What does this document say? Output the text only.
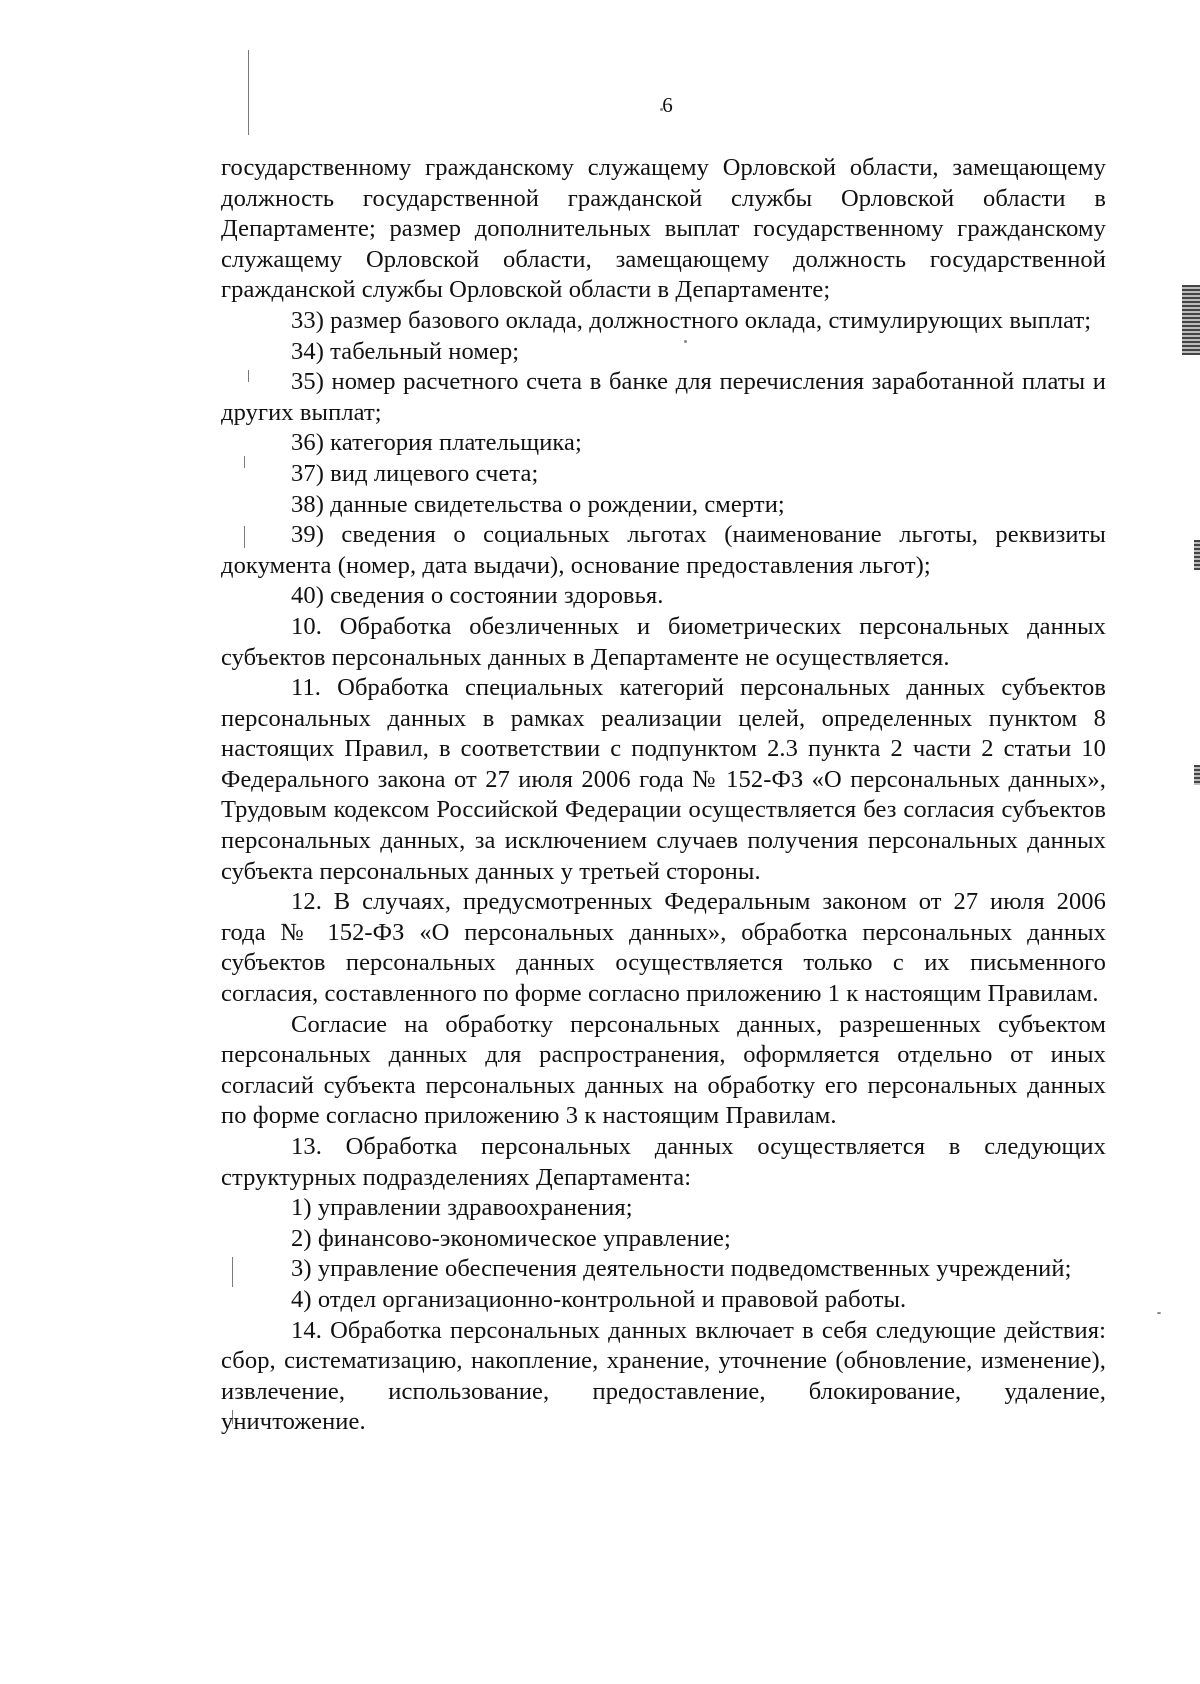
6

государственному гражданскому служащему Орловской области, замещающему должность государственной гражданской службы Орловской области в Департаменте; размер дополнительных выплат государственному гражданскому служащему Орловской области, замещающему должность государственной гражданской службы Орловской области в Департаменте;

33) размер базового оклада, должностного оклада, стимулирующих выплат;

34) табельный номер;

35) номер расчетного счета в банке для перечисления заработанной платы и других выплат;

36) категория плательщика;

37) вид лицевого счета;

38) данные свидетельства о рождении, смерти;

39) сведения о социальных льготах (наименование льготы, реквизиты документа (номер, дата выдачи), основание предоставления льгот);

40) сведения о состоянии здоровья.

10. Обработка обезличенных и биометрических персональных данных субъектов персональных данных в Департаменте не осуществляется.

11. Обработка специальных категорий персональных данных субъектов персональных данных в рамках реализации целей, определенных пунктом 8 настоящих Правил, в соответствии с подпунктом 2.3 пункта 2 части 2 статьи 10 Федерального закона от 27 июля 2006 года № 152-ФЗ «О персональных данных», Трудовым кодексом Российской Федерации осуществляется без согласия субъектов персональных данных, за исключением случаев получения персональных данных субъекта персональных данных у третьей стороны.

12. В случаях, предусмотренных Федеральным законом от 27 июля 2006 года № 152-ФЗ «О персональных данных», обработка персональных данных субъектов персональных данных осуществляется только с их письменного согласия, составленного по форме согласно приложению 1 к настоящим Правилам.

Согласие на обработку персональных данных, разрешенных субъектом персональных данных для распространения, оформляется отдельно от иных согласий субъекта персональных данных на обработку его персональных данных по форме согласно приложению 3 к настоящим Правилам.

13. Обработка персональных данных осуществляется в следующих структурных подразделениях Департамента:

1) управлении здравоохранения;

2) финансово-экономическое управление;

3) управление обеспечения деятельности подведомственных учреждений;

4) отдел организационно-контрольной и правовой работы.

14. Обработка персональных данных включает в себя следующие действия: сбор, систематизацию, накопление, хранение, уточнение (обновление, изменение), извлечение, использование, предоставление, блокирование, удаление, уничтожение.
